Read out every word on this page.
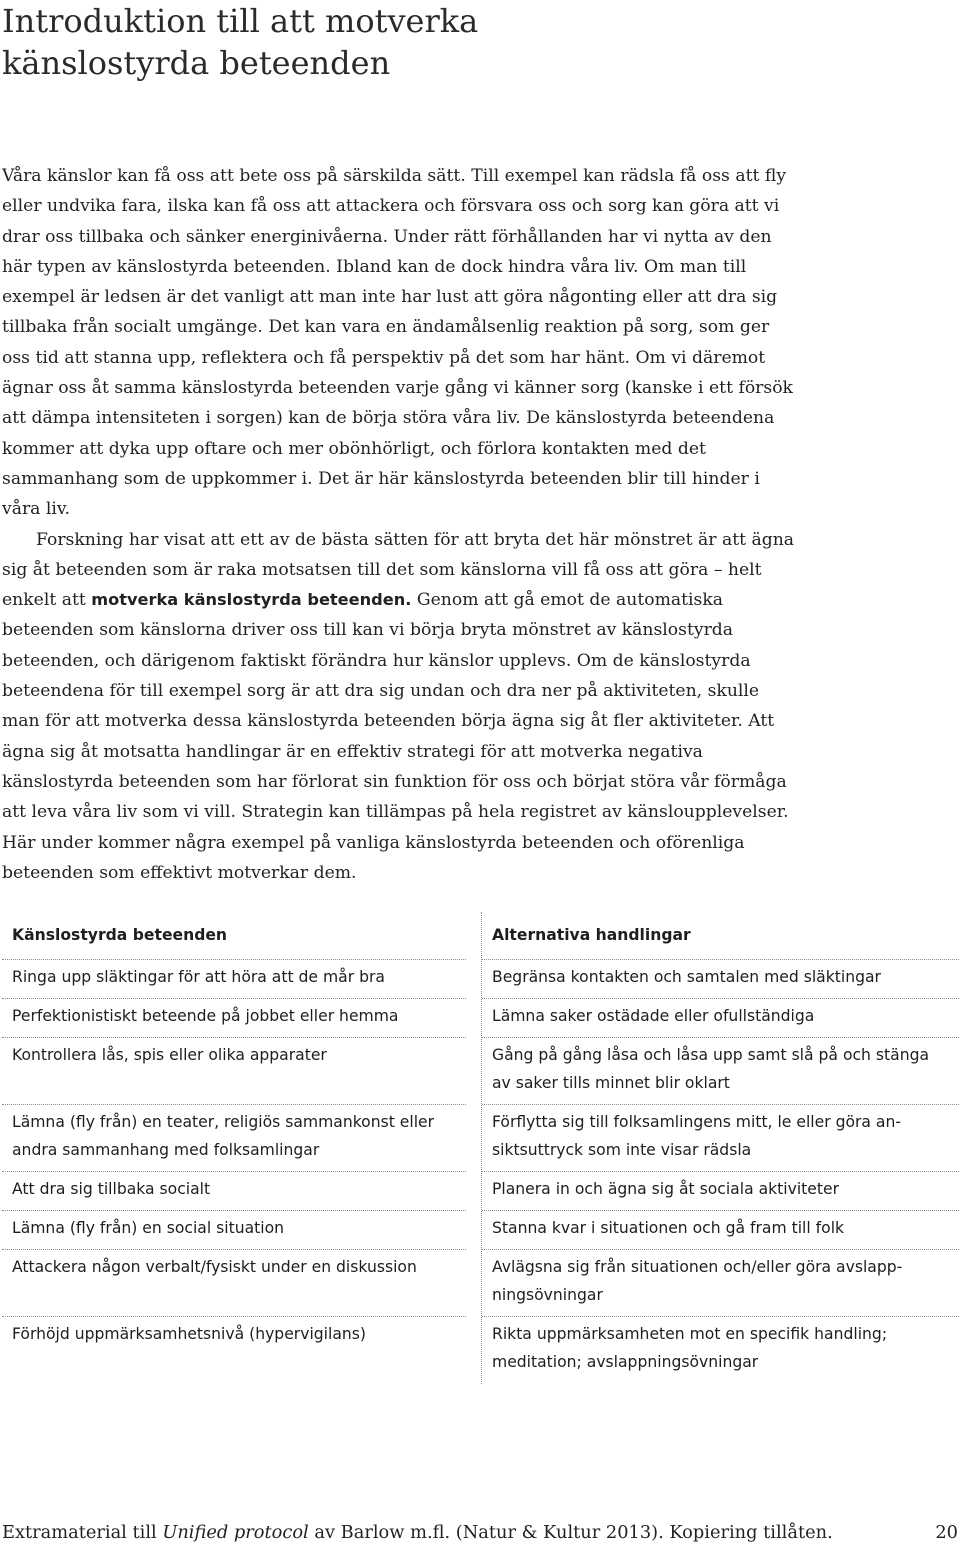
Introduktion till att motverka
känslostyrda beteenden

Våra känslor kan få oss att bete oss på särskilda sätt. Till exempel kan rädsla få oss att fly eller undvika fara, ilska kan få oss att attackera och försvara oss och sorg kan göra att vi drar oss tillbaka och sänker energinivåerna. Under rätt förhållanden har vi nytta av den här typen av känslostyrda beteenden. Ibland kan de dock hindra våra liv. Om man till exempel är ledsen är det vanligt att man inte har lust att göra någonting eller att dra sig tillbaka från socialt umgänge. Det kan vara en ändamålsenlig reaktion på sorg, som ger oss tid att stanna upp, reflektera och få perspektiv på det som har hänt. Om vi däremot ägnar oss åt samma känslostyrda beteenden varje gång vi känner sorg (kanske i ett försök att dämpa intensiteten i sorgen) kan de börja störa våra liv. De känslostyrda beteendena kommer att dyka upp oftare och mer obönhörligt, och förlora kontakten med det sammanhang som de uppkommer i. Det är här känslostyrda beteenden blir till hinder i våra liv.

Forskning har visat att ett av de bästa sätten för att bryta det här mönstret är att ägna sig åt beteenden som är raka motsatsen till det som känslorna vill få oss att göra – helt enkelt att motverka känslostyrda beteenden. Genom att gå emot de automatiska beteenden som känslorna driver oss till kan vi börja bryta mönstret av känslostyrda beteenden, och därigenom faktiskt förändra hur känslor upplevs. Om de känslostyrda beteendena för till exempel sorg är att dra sig undan och dra ner på aktiviteten, skulle man för att motverka dessa känslostyrda beteenden börja ägna sig åt fler aktiviteter. Att ägna sig åt motsatta handlingar är en effektiv strategi för att motverka negativa känslostyrda beteenden som har förlorat sin funktion för oss och börjat störa vår förmåga att leva våra liv som vi vill. Strategin kan tillämpas på hela registret av känsloupplevelser. Här under kommer några exempel på vanliga känslostyrda beteenden och oförenliga beteenden som effektivt motverkar dem.

Känslostyrda beteenden
Ringa upp släktingar för att höra att de mår bra
Perfektionistiskt beteende på jobbet eller hemma
Kontrollera lås, spis eller olika apparater
Lämna (fly från) en teater, religiös sammankonst eller andra sammanhang med folksamlingar
Att dra sig tillbaka socialt
Lämna (fly från) en social situation
Attackera någon verbalt/fysiskt under en diskussion
Förhöjd uppmärksamhetsnivå (hypervigilans)
Alternativa handlingar
Begränsa kontakten och samtalen med släktingar
Lämna saker ostädade eller ofullständiga
Gång på gång låsa och låsa upp samt slå på och stänga av saker tills minnet blir oklart
Förflytta sig till folksamlingens mitt, le eller göra ansiktsuttryck som inte visar rädsla
Planera in och ägna sig åt sociala aktiviteter
Stanna kvar i situationen och gå fram till folk
Avlägsna sig från situationen och/eller göra avslappningsövningar
Rikta uppmärksamheten mot en specifik handling; meditation; avslappningsövningar
Extramaterial till Unified protocol av Barlow m.fl. (Natur & Kultur 2013). Kopiering tillåten.	20
